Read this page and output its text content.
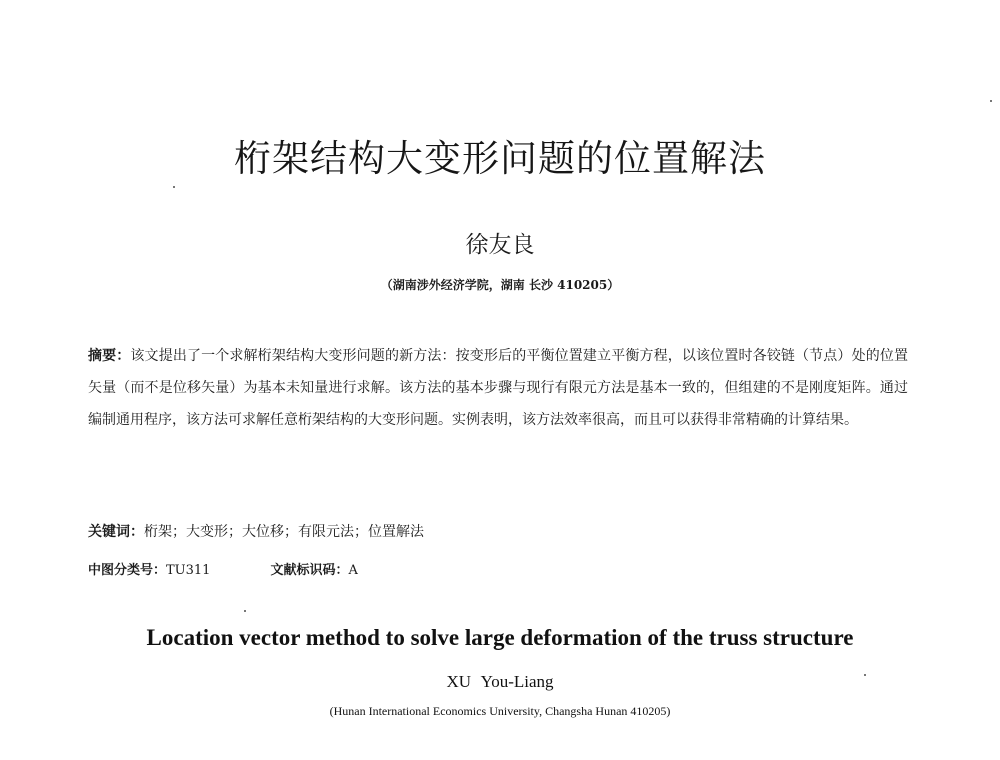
桁架结构大变形问题的位置解法
徐友良
（湖南涉外经济学院，湖南 长沙 410205）
摘要：该文提出了一个求解桁架结构大变形问题的新方法：按变形后的平衡位置建立平衡方程，以该位置时各铰链（节点）处的位置矢量（而不是位移矢量）为基本未知量进行求解。该方法的基本步骤与现行有限元方法是基本一致的，但组建的不是刚度矩阵。通过编制通用程序，该方法可求解任意桁架结构的大变形问题。实例表明，该方法效率很高，而且可以获得非常精确的计算结果。
关键词：桁架；大变形；大位移；有限元法；位置解法
中图分类号：TU311	文献标识码：A
Location vector method to solve large deformation of the truss structure
XU You-Liang
(Hunan International Economics University, Changsha Hunan 410205)
